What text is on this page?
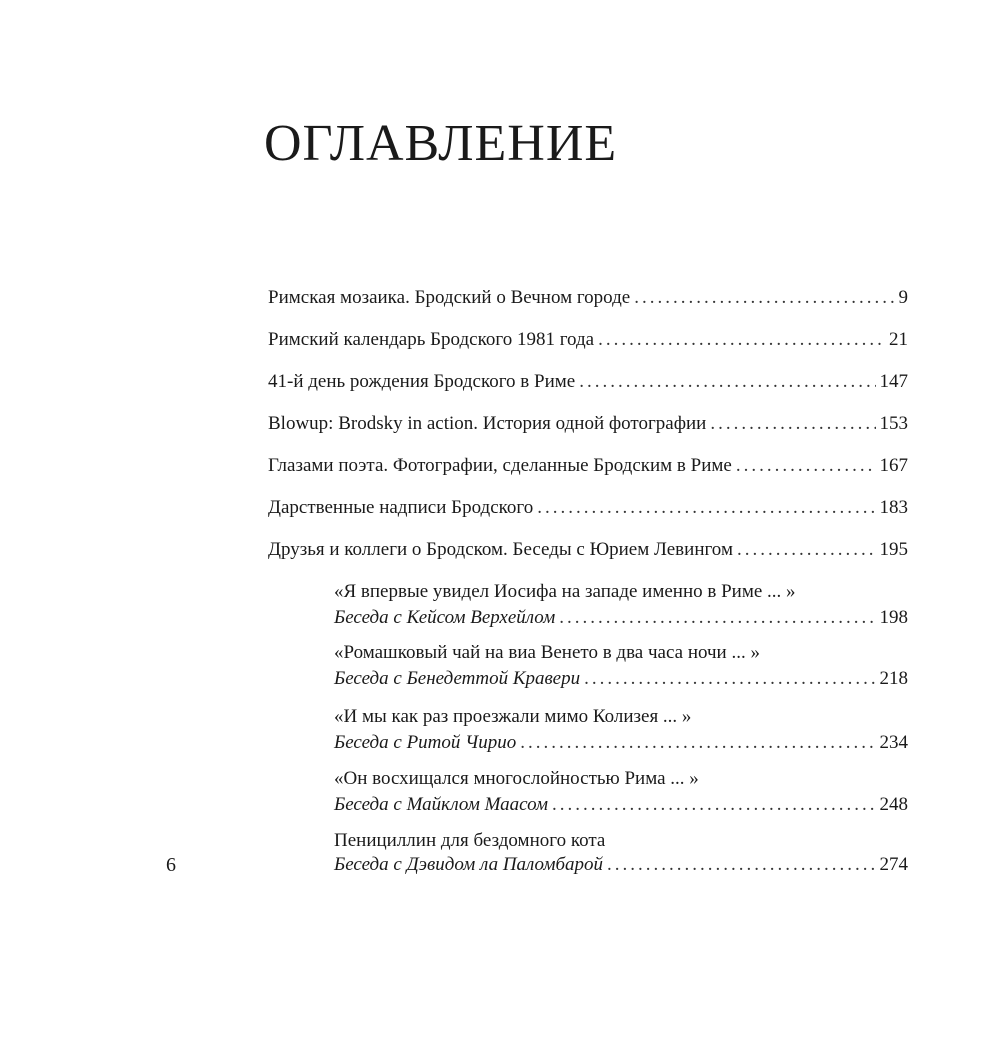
ОГЛАВЛЕНИЕ
Римская мозаика. Бродский о Вечном городе .....	9
Римский календарь Бродского 1981 года .....	21
41-й день рождения Бродского в Риме .....	147
Blowup: Brodsky in action. История одной фотографии .....	153
Глазами поэта. Фотографии, сделанные Бродским в Риме .....	167
Дарственные надписи Бродского .....	183
Друзья и коллеги о Бродском. Беседы с Юрием Левингом .....	195
«Я впервые увидел Иосифа на западе именно в Риме ... »
Беседа с Кейсом Верхейлом .....	198
«Ромашковый чай на виа Венето в два часа ночи ... »
Беседа с Бенедеттой Кравери .....	218
«И мы как раз проезжали мимо Колизея ... »
Беседа с Ритой Чирио .....	234
«Он восхищался многослойностью Рима ... »
Беседа с Майклом Маасом .....	248
Пенициллин для бездомного кота
Беседа с Дэвидом ла Паломбарой .....	274
6
